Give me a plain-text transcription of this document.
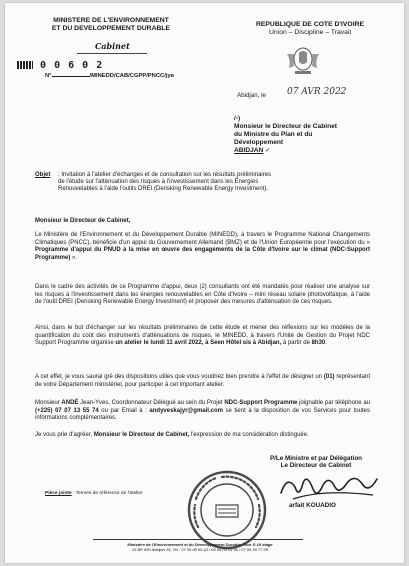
MINISTERE DE L'ENVIRONNEMENT
ET DU DEVELOPPEMENT DURABLE
Cabinet
0 0 6 0 2
N°	/MINEDD/CAB/CGPP/PNCC/jya
REPUBLIQUE DE COTE D'IVOIRE
Union – Discipline – Travail
Abidjan, le 07 AVR 2022
/-)
Monsieur le Directeur de Cabinet
du Ministre du Plan et du
Développement
ABIDJAN ✓
Objet : Invitation à l'atelier d'échanges et de consultation sur les résultats préliminaires de l'étude sur l'atténuation des risques à l'investissement dans les Énergies Renouvelables à l'aide l'outils DREI (Derisking Renewable Energy Investment).
Monsieur le Directeur de Cabinet,
Le Ministère de l'Environnement et du Développement Durable (MINEDD), à travers le Programme National Changements Climatiques (PNCC), bénéficie d'un appui du Gouvernement Allemand (BMZ) et de l'Union Européenne pour l'exécution du « Programme d'appui du PNUD à la mise en œuvre des engagements de la Côte d'Ivoire sur le climat (NDC-Support Programme) ».
Dans le cadre des activités de ce Programme d'appui, deux (2) consultants ont été mandatés pour réaliser une analyse sur les risques à l'investissement dans les énergies renouvelables en Côte d'Ivoire – mini réseau solaire photovoltaïque, à l'aide de l'outil DREI (Derisking Renewable Energy Investment) et proposer des mesures d'atténuation de ces risques.
Ainsi, dans le but d'échanger sur les résultats préliminaires de cette étude et mener des réflexions sur les modèles de la quantification du coût des instruments d'atténuations de risques, le MINEDD, à travers l'Unité de Gestion du Projet NDC Support Programme organise un atelier le lundi 11 avril 2022, à Seen Hôtel sis à Abidjan, à partir de 8h30.
A cet effet, je vous saurai gré des dispositions utiles que vous voudriez bien prendre à l'effet de désigner un (01) représentant de votre Département ministériel, pour participer à cet important atelier.
Monsieur ANDÉ Jean-Yves, Coordonnateur Délégué au sein du Projet NDC-Support Programme joignable par téléphone au (+225) 07 07 13 55 74 ou par Email à : andyveskajyr@gmail.com se tient à la disposition de vos Services pour toutes informations complémentaires.
Je vous prie d'agréer, Monsieur le Directeur de Cabinet, l'expression de ma considération distinguée.
P/Le Ministre et par Délégation
Le Directeur de Cabinet
arfait KOUADIO
Pièce jointe : Termes de référence de l'atelier
Ministère de l'Environnement et du Développement Durable, Tour D 10 étage
25 BP 650 Abidjan 25, Tel : 07 09 99 66 43 / 05 64 06 09 95 / 07 06 55 77 08
